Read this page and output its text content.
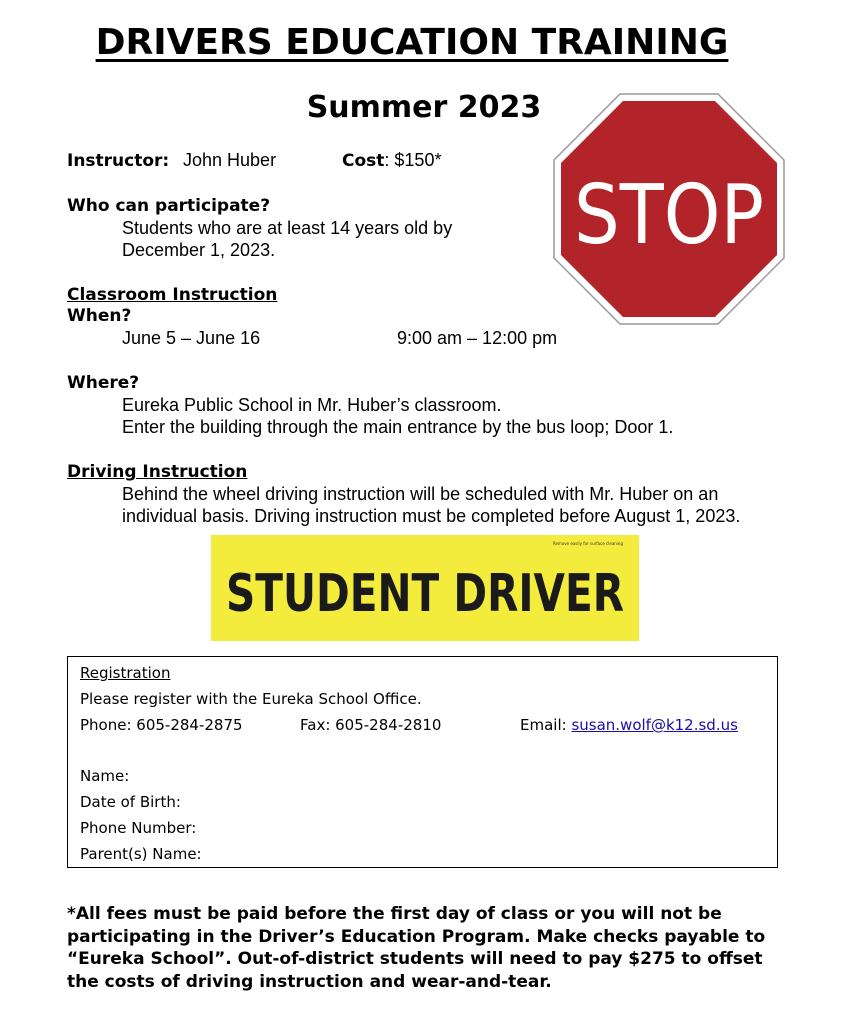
DRIVERS EDUCATION TRAINING
Summer 2023
Instructor: John Huber	Cost: $150*
Who can participate?
Students who are at least 14 years old by
December 1, 2023.
Classroom Instruction
When?
June 5 – June 16	9:00 am – 12:00 pm
Where?
Eureka Public School in Mr. Huber’s classroom.
Enter the building through the main entrance by the bus loop; Door 1.
Driving Instruction
Behind the wheel driving instruction will be scheduled with Mr. Huber on an
individual basis. Driving instruction must be completed before August 1, 2023.
STOP
Remove easily for surface cleaning
STUDENT DRIVER
Registration
Please register with the Eureka School Office.
Phone: 605-284-2875	Fax: 605-284-2810	Email: susan.wolf@k12.sd.us
Name:
Date of Birth:
Phone Number:
Parent(s) Name:
*All fees must be paid before the first day of class or you will not be participating in the Driver’s Education Program. Make checks payable to “Eureka School”. Out-of-district students will need to pay $275 to offset the costs of driving instruction and wear-and-tear.
